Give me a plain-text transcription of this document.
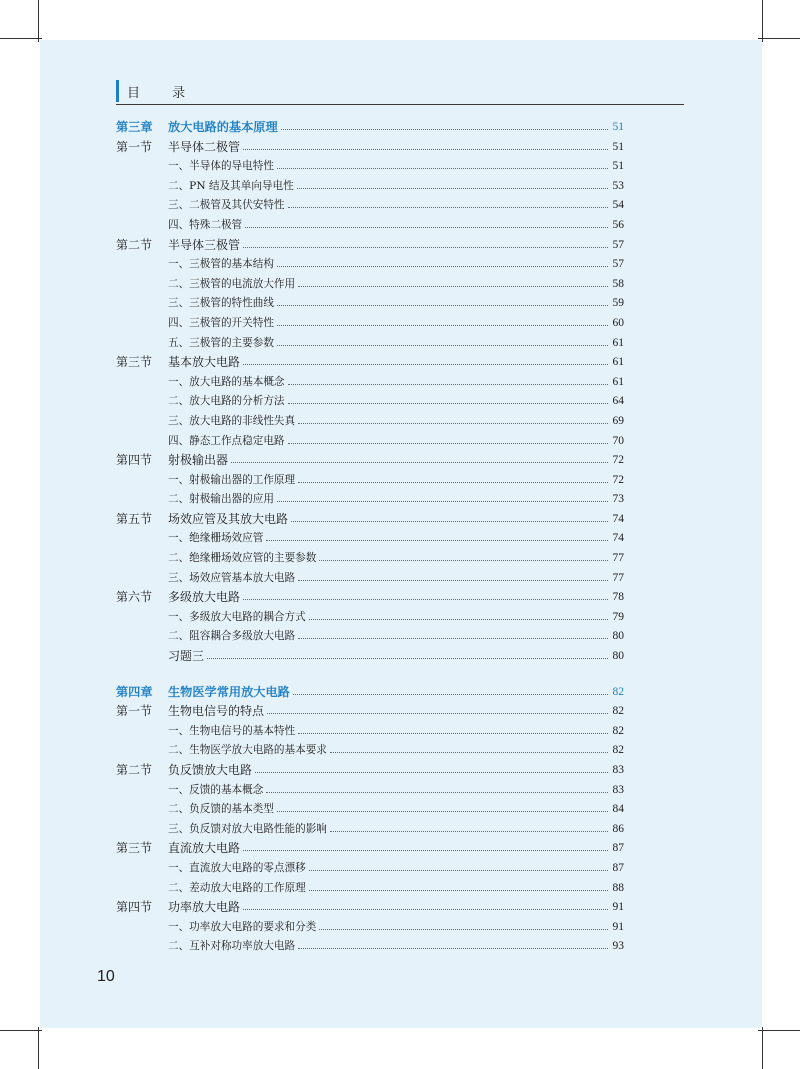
目 录
第三章 放大电路的基本原理	51
第一节 半导体二极管	51
一、半导体的导电特性	51
二、PN 结及其单向导电性	53
三、二极管及其伏安特性	54
四、特殊二极管	56
第二节 半导体三极管	57
一、三极管的基本结构	57
二、三极管的电流放大作用	58
三、三极管的特性曲线	59
四、三极管的开关特性	60
五、三极管的主要参数	61
第三节 基本放大电路	61
一、放大电路的基本概念	61
二、放大电路的分析方法	64
三、放大电路的非线性失真	69
四、静态工作点稳定电路	70
第四节 射极输出器	72
一、射极输出器的工作原理	72
二、射极输出器的应用	73
第五节 场效应管及其放大电路	74
一、绝缘栅场效应管	74
二、绝缘栅场效应管的主要参数	77
三、场效应管基本放大电路	77
第六节 多级放大电路	78
一、多级放大电路的耦合方式	79
二、阻容耦合多级放大电路	80
习题三	80
第四章 生物医学常用放大电路	82
第一节 生物电信号的特点	82
一、生物电信号的基本特性	82
二、生物医学放大电路的基本要求	82
第二节 负反馈放大电路	83
一、反馈的基本概念	83
二、负反馈的基本类型	84
三、负反馈对放大电路性能的影响	86
第三节 直流放大电路	87
一、直流放大电路的零点漂移	87
二、差动放大电路的工作原理	88
第四节 功率放大电路	91
一、功率放大电路的要求和分类	91
二、互补对称功率放大电路	93
10
